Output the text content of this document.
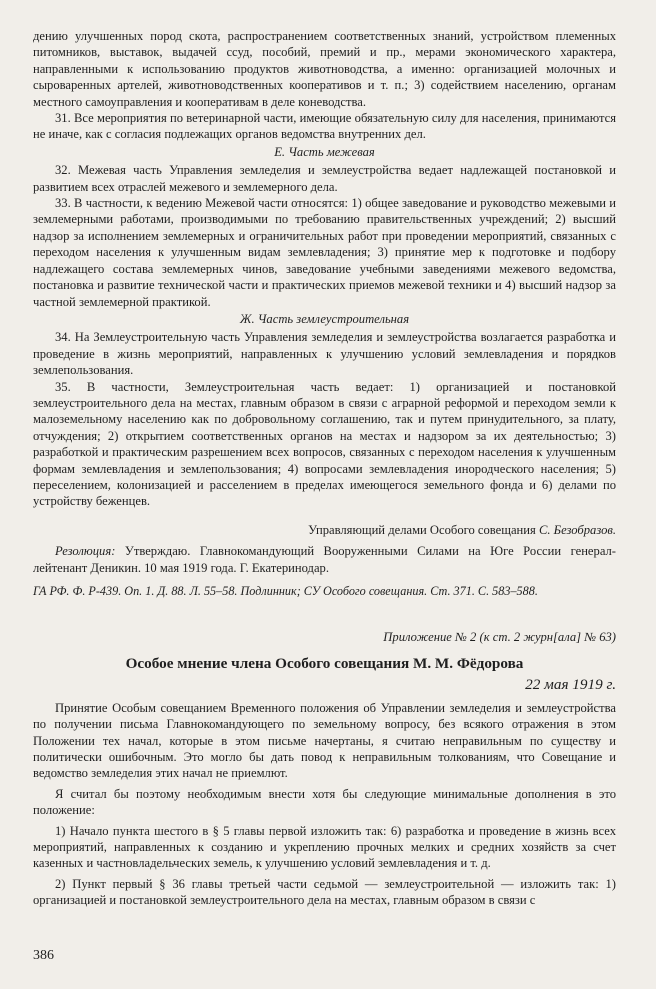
дению улучшенных пород скота, распространением соответственных знаний, устройством племенных питомников, выставок, выдачей ссуд, пособий, премий и пр., мерами экономического характера, направленными к использованию продуктов животноводства, а именно: организацией молочных и сыроваренных артелей, животноводственных кооперативов и т. п.; 3) содействием населению, органам местного самоуправления и кооперативам в деле коневодства.

31. Все мероприятия по ветеринарной части, имеющие обязательную силу для населения, принимаются не иначе, как с согласия подлежащих органов ведомства внутренних дел.

Е. Часть межевая

32. Межевая часть Управления земледелия и землеустройства ведает надлежащей постановкой и развитием всех отраслей межевого и землемерного дела.

33. В частности, к ведению Межевой части относятся: 1) общее заведование и руководство межевыми и землемерными работами, производимыми по требованию правительственных учреждений; 2) высший надзор за исполнением землемерных и ограничительных работ при проведении мероприятий, связанных с переходом населения к улучшенным видам землевладения; 3) принятие мер к подготовке и подбору надлежащего состава землемерных чинов, заведование учебными заведениями межевого ведомства, постановка и развитие технической части и практических приемов межевой техники и 4) высший надзор за частной землемерной практикой.

Ж. Часть землеустроительная

34. На Землеустроительную часть Управления земледелия и землеустройства возлагается разработка и проведение в жизнь мероприятий, направленных к улучшению условий землевладения и порядков землепользования.

35. В частности, Землеустроительная часть ведает: 1) организацией и постановкой землеустроительного дела на местах, главным образом в связи с аграрной реформой и переходом земли к малоземельному населению как по добровольному соглашению, так и путем принудительного, за плату, отчуждения; 2) открытием соответственных органов на местах и надзором за их деятельностью; 3) разработкой и практическим разрешением всех вопросов, связанных с переходом населения к улучшенным формам землевладения и землепользования; 4) вопросами землевладения инородческого населения; 5) переселением, колонизацией и расселением в пределах имеющегося земельного фонда и 6) делами по устройству беженцев.

Управляющий делами Особого совещания С. Безобразов.

Резолюция: Утверждаю. Главнокомандующий Вооруженными Силами на Юге России генерал-лейтенант Деникин. 10 мая 1919 года. Г. Екатеринодар.

ГА РФ. Ф. Р-439. Оп. 1. Д. 88. Л. 55–58. Подлинник; СУ Особого совещания. Ст. 371. С. 583–588.

Приложение № 2 (к ст. 2 журн[ала] № 63)

Особое мнение члена Особого совещания М. М. Фёдорова
22 мая 1919 г.

Принятие Особым совещанием Временного положения об Управлении земледелия и землеустройства по получении письма Главнокомандующего по земельному вопросу, без всякого отражения в этом Положении тех начал, которые в этом письме начертаны, я считаю неправильным по существу и политически ошибочным. Это могло бы дать повод к неправильным толкованиям, что Совещание и ведомство земледелия этих начал не приемлют.

Я считал бы поэтому необходимым внести хотя бы следующие минимальные дополнения в это положение:

1) Начало пункта шестого в § 5 главы первой изложить так: 6) разработка и проведение в жизнь всех мероприятий, направленных к созданию и укреплению прочных мелких и средних хозяйств за счет казенных и частновладельческих земель, к улучшению условий землевладения и т. д.

2) Пункт первый § 36 главы третьей части седьмой — землеустроительной — изложить так: 1) организацией и постановкой землеустроительного дела на местах, главным образом в связи с

386
